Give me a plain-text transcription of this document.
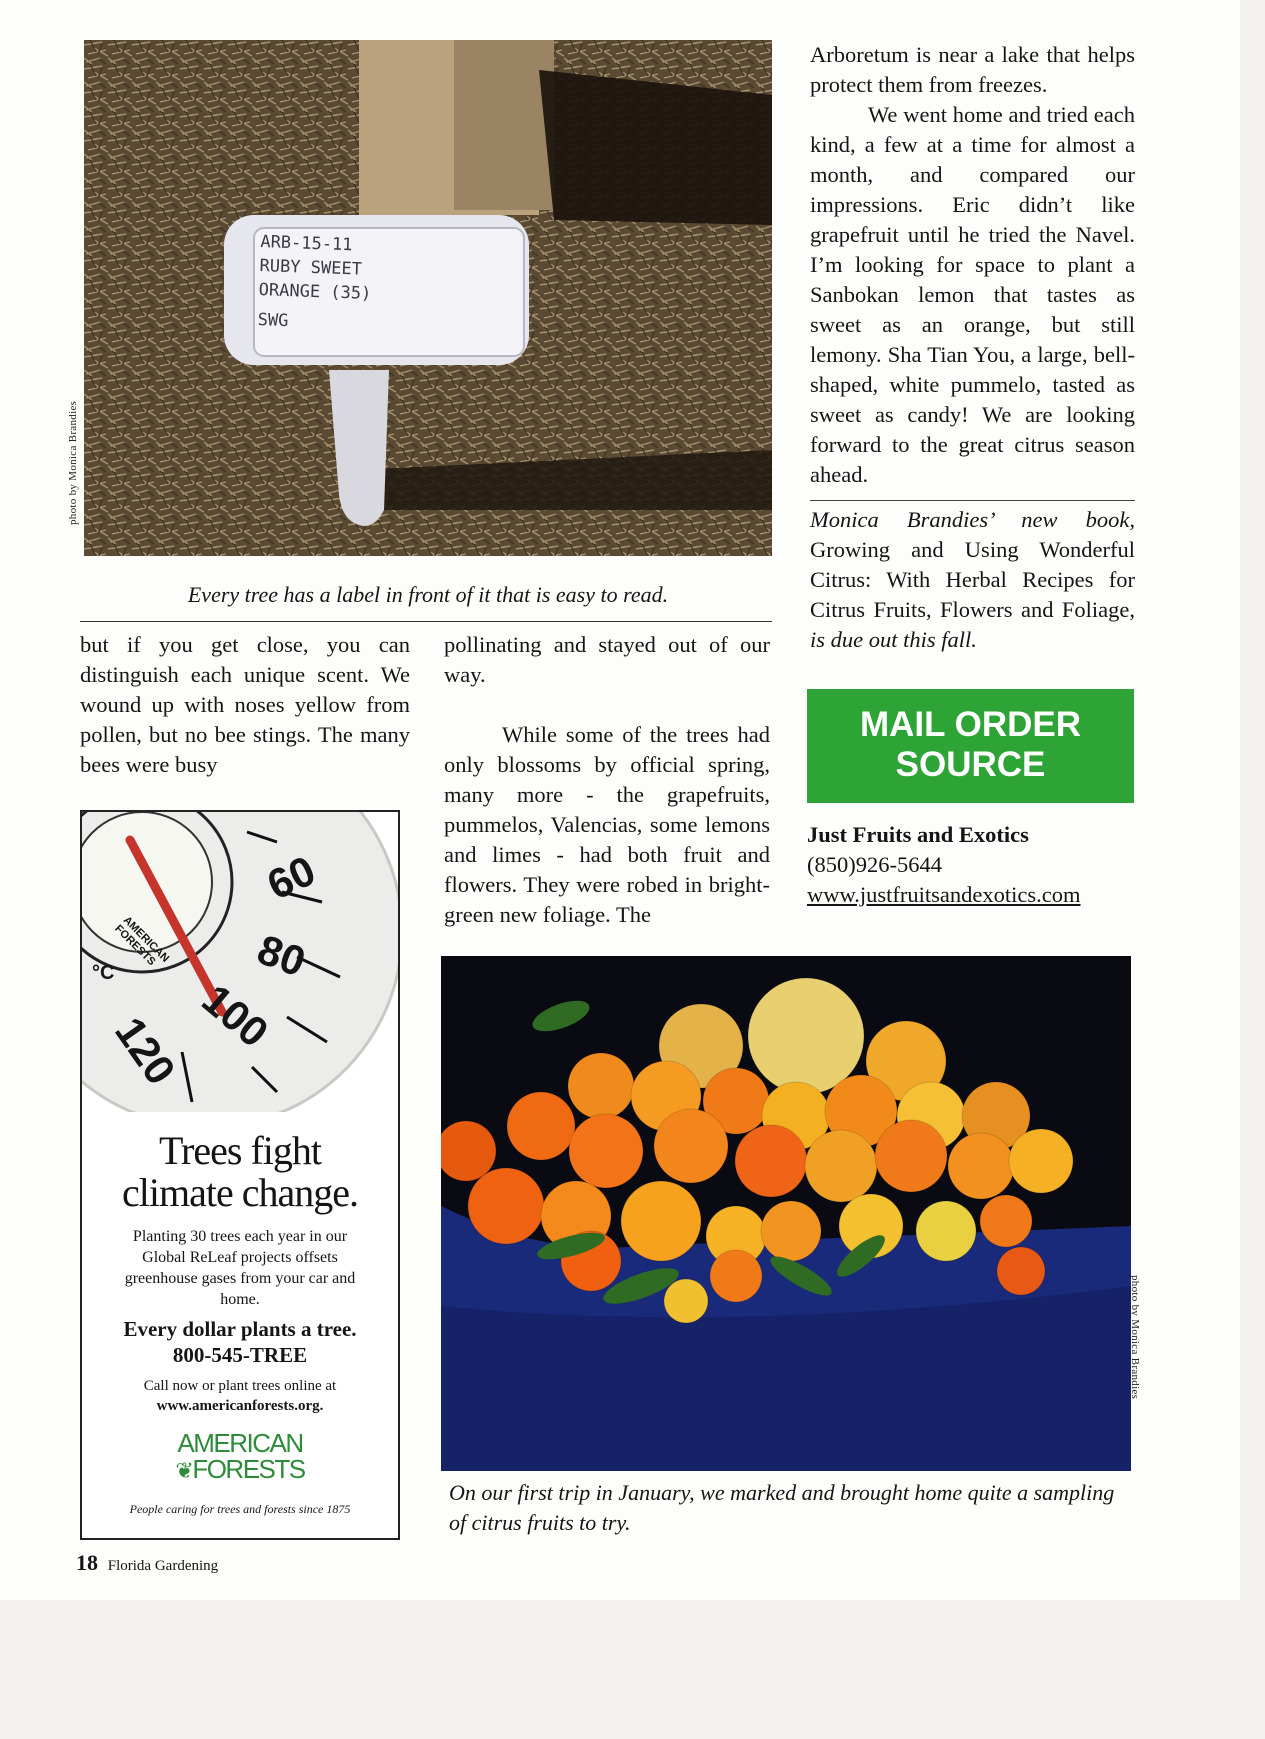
ARB-15-11
RUBY SWEET
ORANGE (35)
SWG
photo by Monica Brandies
Every tree has a label in front of it that is easy to read.
Arboretum is near a lake that helps protect them from freezes.
We went home and tried each kind, a few at a time for almost a month, and compared our impressions. Eric didn’t like grapefruit until he tried the Navel. I’m looking for space to plant a Sanbokan lemon that tastes as sweet as an orange, but still lemony. Sha Tian You, a large, bell-shaped, white pummelo, tasted as sweet as candy! We are looking forward to the great citrus season ahead.
Monica Brandies’ new book, Growing and Using Wonderful Citrus: With Herbal Recipes for Citrus Fruits, Flowers and Foliage, is due out this fall.
MAIL ORDER
SOURCE
Just Fruits and Exotics
(850)926-5644
www.justfruitsandexotics.com
but if you get close, you can distinguish each unique scent. We wound up with noses yellow from pollen, but no bee stings. The many bees were busy
pollinating and stayed out of our way.
While some of the trees had only blossoms by official spring, many more - the grapefruits, pummelos, Valencias, some lemons and limes - had both fruit and flowers. They were robed in bright-green new foliage. The
60
80
100
120
AMERICAN FORESTS
°C

Trees fight

climate change.

Planting 30 trees each year in our Global ReLeaf projects offsets greenhouse gases from your car and home.

Every dollar plants a tree.

800-545-TREE

Call now or plant trees online at

www.americanforests.org.

AMERICAN
❦FORESTS

People caring for trees and forests since 1875

photo by Monica Brandies
On our first trip in January, we marked and brought home quite a sampling of citrus fruits to try.
18 Florida Gardening
